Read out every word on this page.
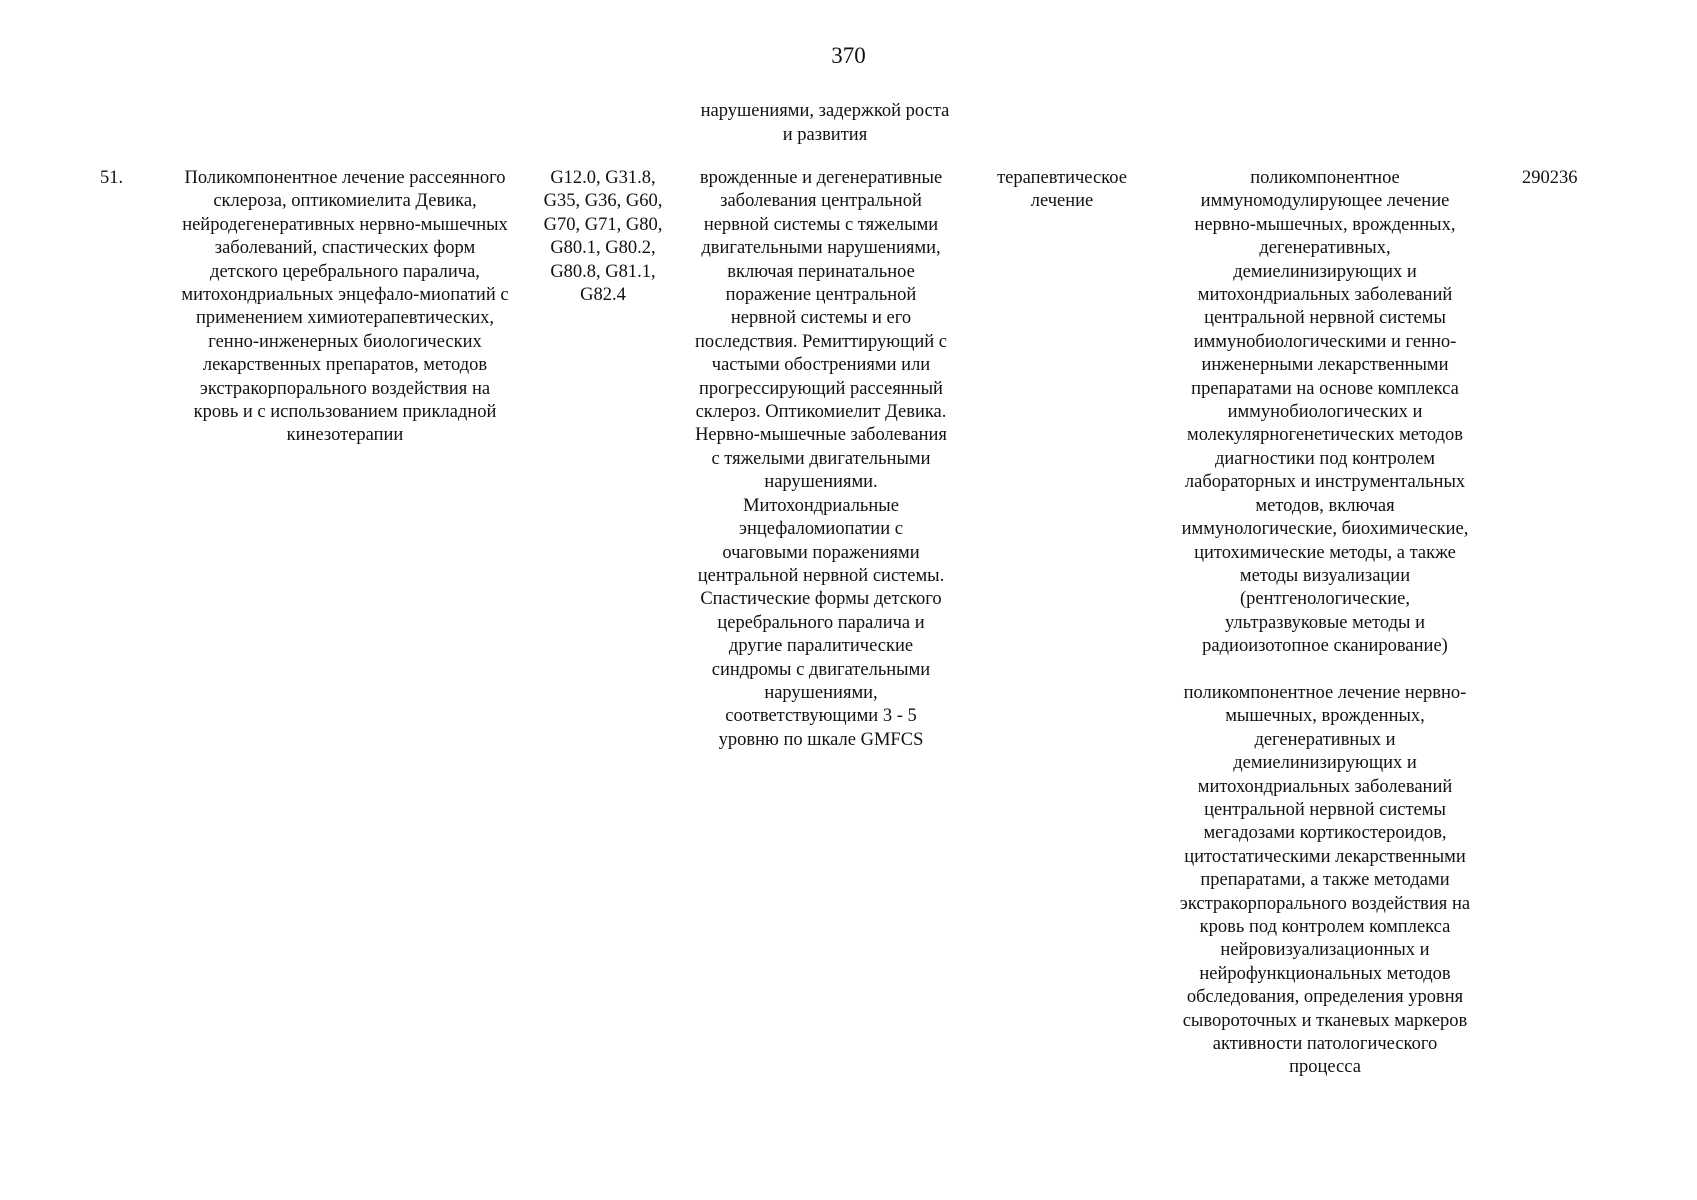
370
нарушениями, задержкой роста
и развития
51.	Поликомпонентное лечение рассеянного
склероза, оптикомиелита Девика,
нейродегенеративных нервно-мышечных
заболеваний, спастических форм
детского церебрального паралича,
митохондриальных энцефало-миопатий с
применением химиотерапевтических,
генно-инженерных биологических
лекарственных препаратов, методов
экстракорпорального воздействия на
кровь и с использованием прикладной
кинезотерапии
G12.0, G31.8,
G35, G36, G60,
G70, G71, G80,
G80.1, G80.2,
G80.8, G81.1,
G82.4
врожденные и дегенеративные
заболевания центральной
нервной системы с тяжелыми
двигательными нарушениями,
включая перинатальное
поражение центральной
нервной системы и его
последствия. Ремиттирующий с
частыми обострениями или
прогрессирующий рассеянный
склероз. Оптикомиелит Девика.
Нервно-мышечные заболевания
с тяжелыми двигательными
нарушениями.
Митохондриальные
энцефаломиопатии с
очаговыми поражениями
центральной нервной системы.
Спастические формы детского
церебрального паралича и
другие паралитические
синдромы с двигательными
нарушениями,
соответствующими 3 - 5
уровню по шкале GMFCS
терапевтическое
лечение
поликомпонентное
иммуномодулирующее лечение
нервно-мышечных, врожденных,
дегенеративных,
демиелинизирующих и
митохондриальных заболеваний
центральной нервной системы
иммунобиологическими и генно-
инженерными лекарственными
препаратами на основе комплекса
иммунобиологических и
молекулярногенетических методов
диагностики под контролем
лабораторных и инструментальных
методов, включая
иммунологические, биохимические,
цитохимические методы, а также
методы визуализации
(рентгенологические,
ультразвуковые методы и
радиоизотопное сканирование)
поликомпонентное лечение нервно-
мышечных, врожденных,
дегенеративных и
демиелинизирующих и
митохондриальных заболеваний
центральной нервной системы
мегадозами кортикостероидов,
цитостатическими лекарственными
препаратами, а также методами
экстракорпорального воздействия на
кровь под контролем комплекса
нейровизуализационных и
нейрофункциональных методов
обследования, определения уровня
сывороточных и тканевых маркеров
активности патологического
процесса
290236
